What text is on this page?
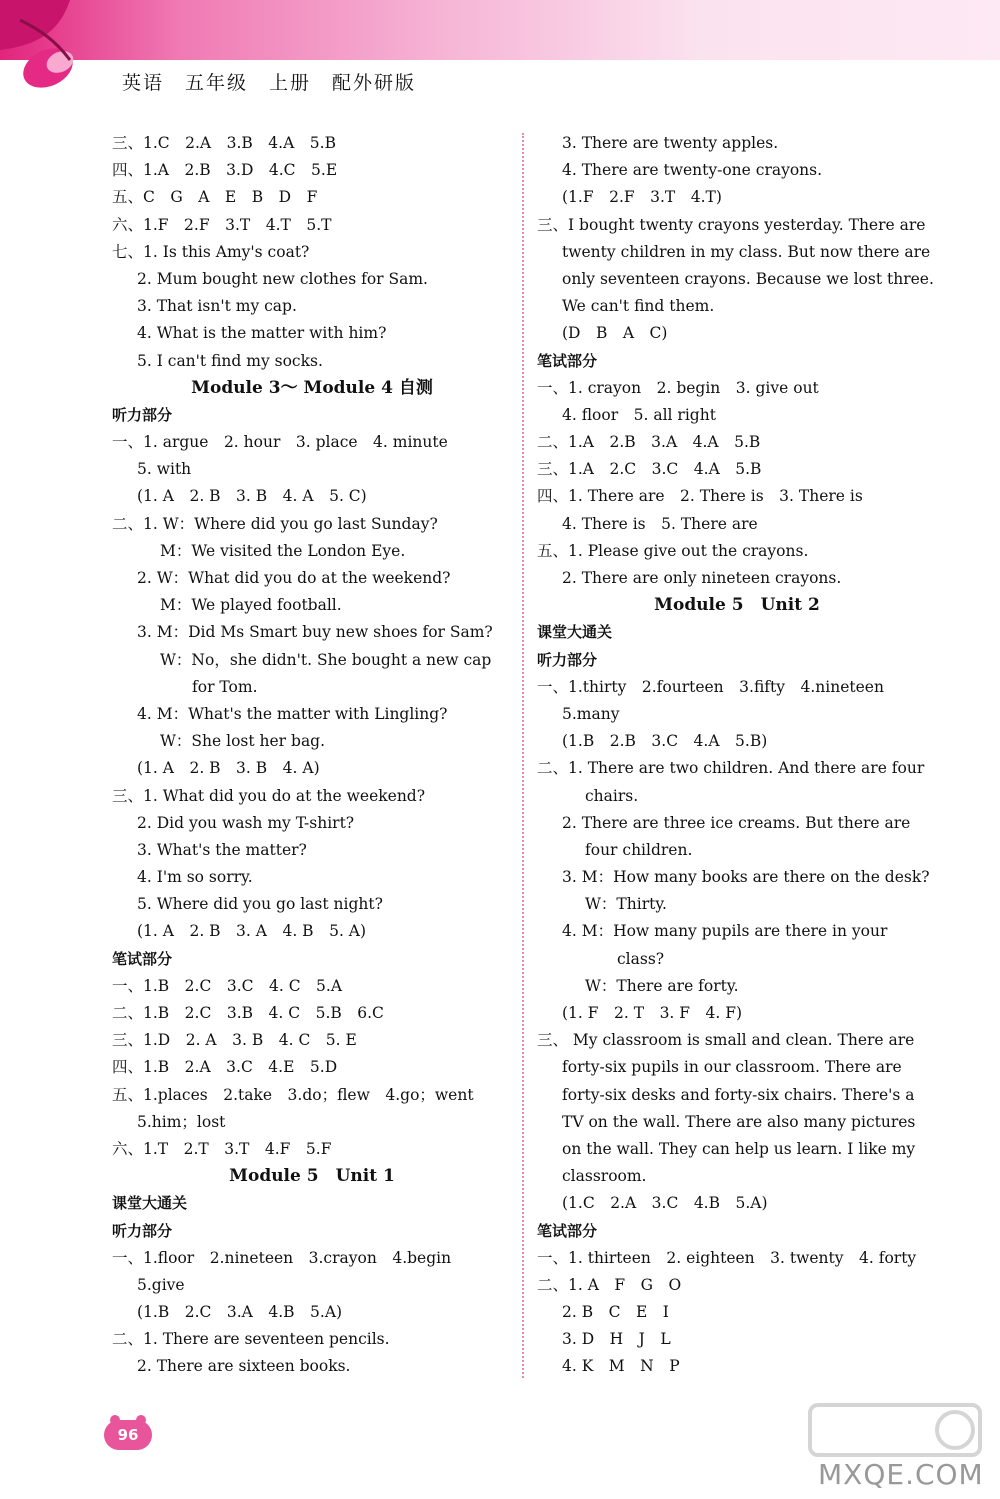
英语　五年级　上册　配外研版
三、1.C　2.A　3.B　4.A　5.B
四、1.A　2.B　3.D　4.C　5.E
五、C　G　A　E　B　D　F
六、1.F　2.F　3.T　4.T　5.T
七、1. Is this Amy's coat?
2. Mum bought new clothes for Sam.
3. That isn't my cap.
4. What is the matter with him?
5. I can't find my socks.
Module 3～ Module 4 自测
听力部分
一、1. argue　2. hour　3. place　4. minute
5. with
(1. A　2. B　3. B　4. A　5. C)
二、1. W：Where did you go last Sunday?
M：We visited the London Eye.
2. W：What did you do at the weekend?
M：We played football.
3. M：Did Ms Smart buy new shoes for Sam?
W：No，she didn't. She bought a new cap
for Tom.
4. M：What's the matter with Lingling?
W：She lost her bag.
(1. A　2. B　3. B　4. A)
三、1. What did you do at the weekend?
2. Did you wash my T-shirt?
3. What's the matter?
4. I'm so sorry.
5. Where did you go last night?
(1. A　2. B　3. A　4. B　5. A)
笔试部分
一、1.B　2.C　3.C　4. C　5.A
二、1.B　2.C　3.B　4. C　5.B　6.C
三、1.D　2. A　3. B　4. C　5. E
四、1.B　2.A　3.C　4.E　5.D
五、1.places　2.take　3.do；flew　4.go；went
5.him；lost
六、1.T　2.T　3.T　4.F　5.F
Module 5　Unit 1
课堂大通关
听力部分
一、1.floor　2.nineteen　3.crayon　4.begin
5.give
(1.B　2.C　3.A　4.B　5.A)
二、1. There are seventeen pencils.
2. There are sixteen books.
3. There are twenty apples.
4. There are twenty-one crayons.
(1.F　2.F　3.T　4.T)
三、I bought twenty crayons yesterday. There are
twenty children in my class. But now there are
only seventeen crayons. Because we lost three.
We can't find them.
(D　B　A　C)
笔试部分
一、1. crayon　2. begin　3. give out
4. floor　5. all right
二、1.A　2.B　3.A　4.A　5.B
三、1.A　2.C　3.C　4.A　5.B
四、1. There are　2. There is　3. There is
4. There is　5. There are
五、1. Please give out the crayons.
2. There are only nineteen crayons.
Module 5　Unit 2
课堂大通关
听力部分
一、1.thirty　2.fourteen　3.fifty　4.nineteen
5.many
(1.B　2.B　3.C　4.A　5.B)
二、1. There are two children. And there are four
chairs.
2. There are three ice creams. But there are
four children.
3. M：How many books are there on the desk?
W：Thirty.
4. M：How many pupils are there in your
class?
W：There are forty.
(1. F　2. T　3. F　4. F)
三、 My classroom is small and clean. There are
forty-six pupils in our classroom. There are
forty-six desks and forty-six chairs. There's a
TV on the wall. There are also many pictures
on the wall. They can help us learn. I like my
classroom.
(1.C　2.A　3.C　4.B　5.A)
笔试部分
一、1. thirteen　2. eighteen　3. twenty　4. forty
二、1. A　F　G　O
2. B　C　E　I
3. D　H　J　L
4. K　M　N　P
96
MXQE.COM
